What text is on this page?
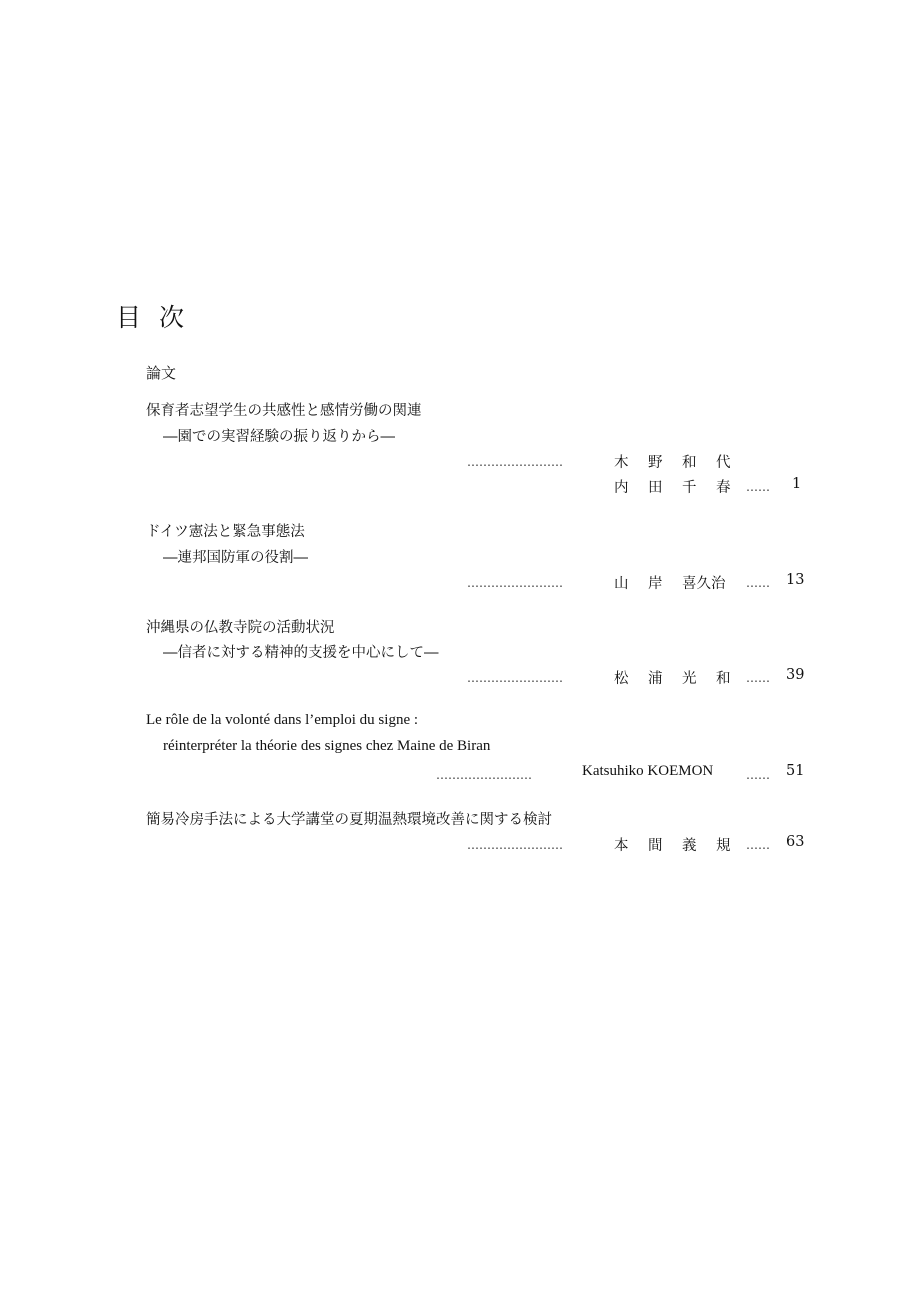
目 次
論文
保育者志望学生の共感性と感情労働の関連
―園での実習経験の振り返りから―
……………………	木 野 和 代
内 田 千 春	…… 1
ドイツ憲法と緊急事態法
―連邦国防軍の役割―
……………………	山 岸 喜久治 …… 13
沖縄県の仏教寺院の活動状況
―信者に対する精神的支援を中心にして―
……………………	松 浦 光 和	…… 39
Le rôle de la volonté dans l’emploi du signe :
réinterpréter la théorie des signes chez Maine de Biran
……………………	Katsuhiko KOEMON	…… 51
簡易冷房手法による大学講堂の夏期温熱環境改善に関する検討
……………………	本 間 義 規	…… 63
